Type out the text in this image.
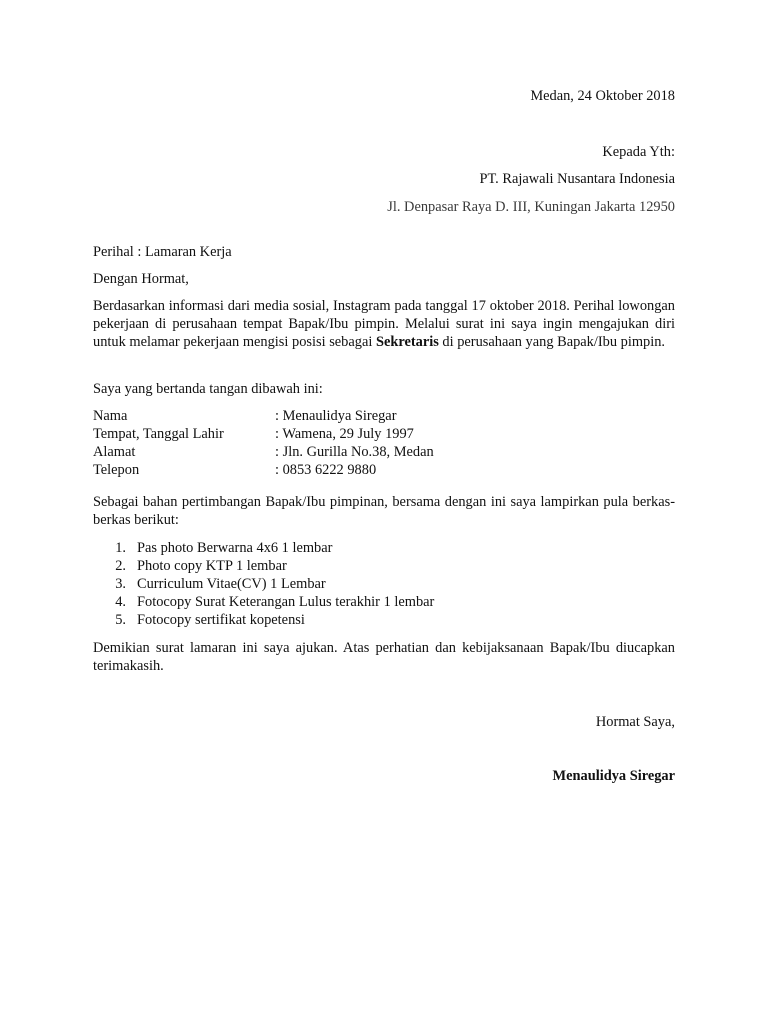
Medan, 24 Oktober 2018
Kepada Yth:
PT. Rajawali Nusantara Indonesia
Jl. Denpasar Raya D. III, Kuningan Jakarta 12950
Perihal : Lamaran Kerja
Dengan Hormat,
Berdasarkan informasi dari media sosial, Instagram pada tanggal 17 oktober 2018. Perihal lowongan pekerjaan di perusahaan tempat Bapak/Ibu pimpin. Melalui surat ini saya ingin mengajukan diri untuk melamar pekerjaan mengisi posisi sebagai Sekretaris di perusahaan yang Bapak/Ibu pimpin.
Saya yang bertanda tangan dibawah ini:
Nama	: Menaulidya Siregar
Tempat, Tanggal Lahir	: Wamena, 29 July 1997
Alamat	: Jln. Gurilla No.38, Medan
Telepon	: 0853 6222 9880
Sebagai bahan pertimbangan Bapak/Ibu pimpinan, bersama dengan ini saya lampirkan pula berkas-berkas berikut:
1. Pas photo Berwarna 4x6 1 lembar
2. Photo copy KTP 1 lembar
3. Curriculum Vitae(CV) 1 Lembar
4. Fotocopy Surat Keterangan Lulus terakhir 1 lembar
5. Fotocopy sertifikat kopetensi
Demikian surat lamaran ini saya ajukan. Atas perhatian dan kebijaksanaan Bapak/Ibu diucapkan terimakasih.
Hormat Saya,
Menaulidya Siregar
